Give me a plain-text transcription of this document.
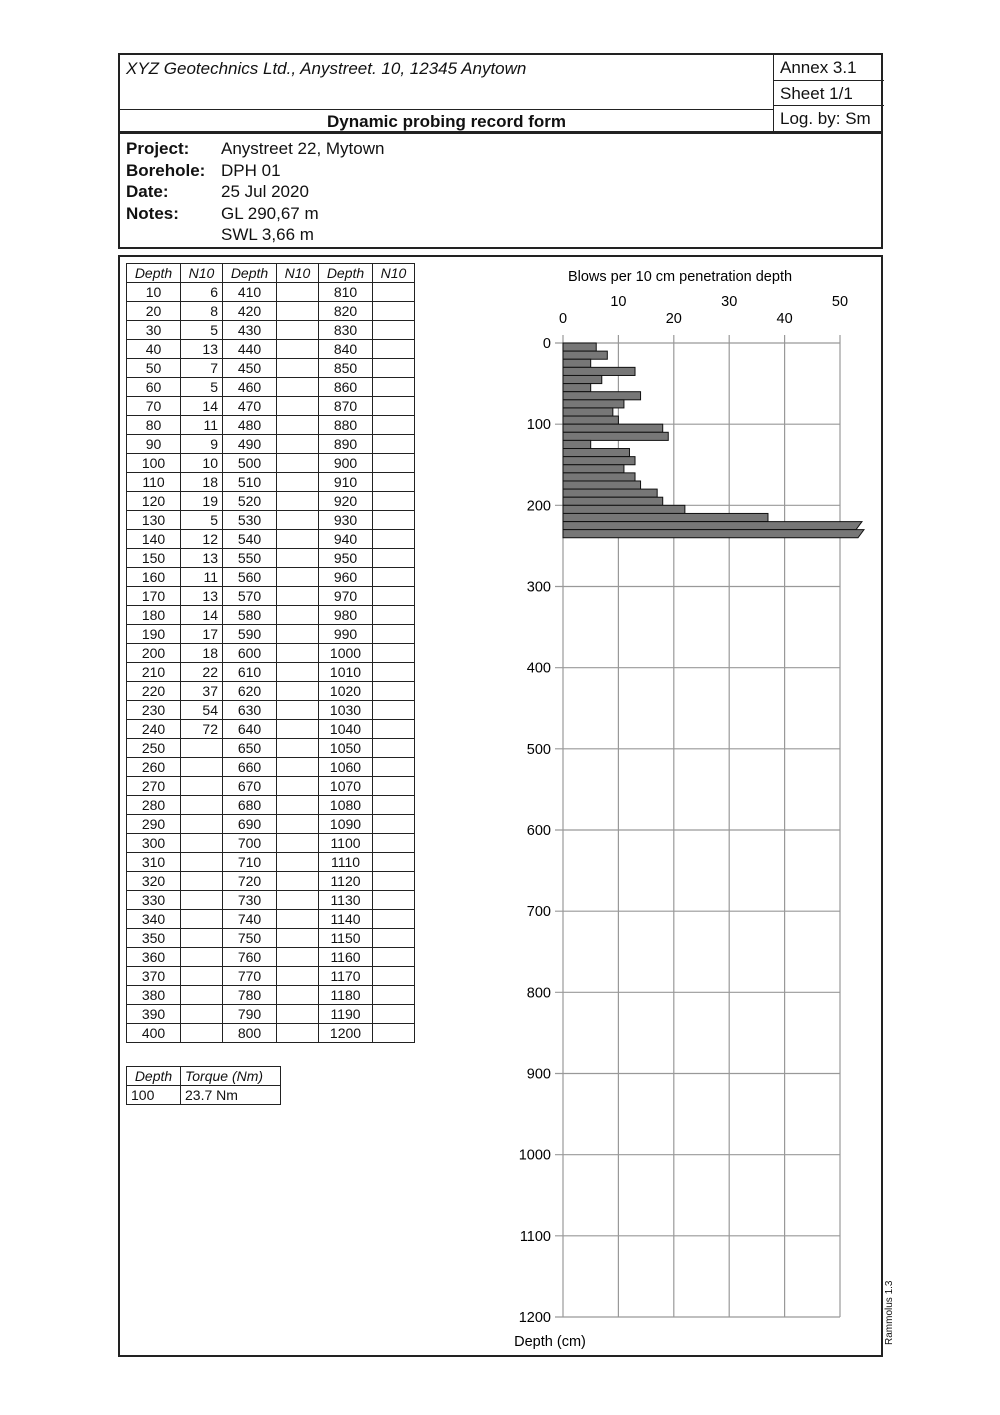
XYZ Geotechnics Ltd., Anystreet. 10, 12345 Anytown
Dynamic probing record form
Annex 3.1
Sheet 1/1
Log. by: Sm
Project: Anystreet 22, Mytown
Borehole: DPH 01
Date:	25 Jul 2020
Notes: GL 290,67 m
SWL 3,66 m
Depth	N10	Depth	N10	Depth	N10
10	6	410		810	
20	8	420		820	
30	5	430		830	
40	13	440		840	
50	7	450		850	
60	5	460		860	
70	14	470		870	
80	11	480		880	
90	9	490		890	
100	10	500		900	
110	18	510		910	
120	19	520		920	
130	5	530		930	
140	12	540		940	
150	13	550		950	
160	11	560		960	
170	13	570		970	
180	14	580		980	
190	17	590		990	
200	18	600		1000	
210	22	610		1010	
220	37	620		1020	
230	54	630		1030	
240	72	640		1040	
250		650		1050	
260		660		1060	
270		670		1070	
280		680		1080	
290		690		1090	
300		700		1100	
310		710		1110	
320		720		1120	
330		730		1130	
340		740		1140	
350		750		1150	
360		760		1160	
370		770		1170	
380		780		1180	
390		790		1190	
400		800		1200	
Depth	Torque (Nm)
100	23.7 Nm
Blows per 10 cm penetration depth
Depth (cm)
0
100
200
300
400
500
600
700
800
900
1000
1100
1200
10	30	50
0	20	40
Rammolus 1.3
